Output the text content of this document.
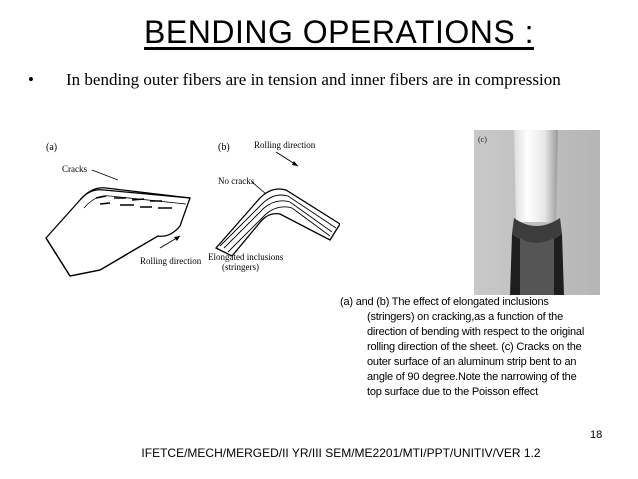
BENDING OPERATIONS :
•	In bending outer fibers are in tension and inner fibers are in compression
(a)
Cracks
Rolling direction
(b)	Rolling direction
No cracks
Elongated inclusions
(stringers)
(c)
(a) and (b) The effect of elongated inclusions
(stringers) on cracking,as a function of the
direction of bending with respect to the original
rolling direction of the sheet. (c) Cracks on the
outer surface of an aluminum strip bent to an
angle of 90 degree.Note the narrowing of the
top surface due to the Poisson effect
18
IFETCE/MECH/MERGED/II YR/III SEM/ME2201/MTI/PPT/UNITIV/VER 1.2
